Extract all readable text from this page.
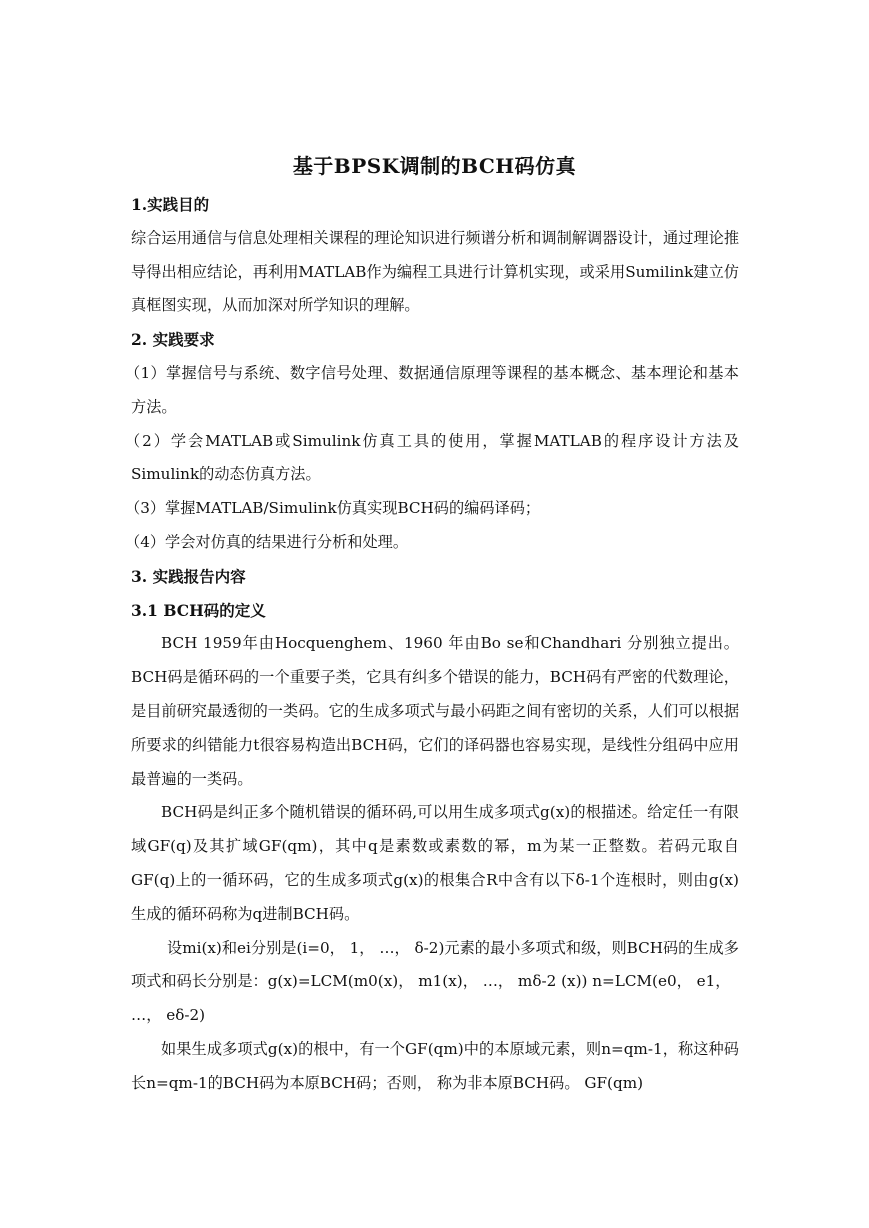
基于BPSK调制的BCH码仿真
1.实践目的

综合运用通信与信息处理相关课程的理论知识进行频谱分析和调制解调器设计，通过理论推导得出相应结论，再利用MATLAB作为编程工具进行计算机实现，或采用Sumilink建立仿真框图实现，从而加深对所学知识的理解。

2. 实践要求

（1）掌握信号与系统、数字信号处理、数据通信原理等课程的基本概念、基本理论和基本方法。

（2）学会MATLAB或Simulink仿真工具的使用，掌握MATLAB的程序设计方法及Simulink的动态仿真方法。

（3）掌握MATLAB/Simulink仿真实现BCH码的编码译码；

（4）学会对仿真的结果进行分析和处理。

3. 实践报告内容
3.1 BCH码的定义

BCH 1959年由Hocquenghem、1960 年由Bo se和Chandhari 分别独立提出。BCH码是循环码的一个重要子类，它具有纠多个错误的能力，BCH码有严密的代数理论，是目前研究最透彻的一类码。它的生成多项式与最小码距之间有密切的关系，人们可以根据所要求的纠错能力t很容易构造出BCH码，它们的译码器也容易实现，是线性分组码中应用最普遍的一类码。

BCH码是纠正多个随机错误的循环码,可以用生成多项式g(x)的根描述。给定任一有限域GF(q)及其扩域GF(qm)，其中q是素数或素数的幂，m为某一正整数。若码元取自GF(q)上的一循环码，它的生成多项式g(x)的根集合R中含有以下δ-1个连根时，则由g(x)生成的循环码称为q进制BCH码。

设mi(x)和ei分别是(i=0， 1， …， δ-2)元素的最小多项式和级，则BCH码的生成多项式和码长分别是：g(x)=LCM(m0(x)， m1(x)， …， mδ-2 (x)) n=LCM(e0， e1， …， eδ-2)

如果生成多项式g(x)的根中，有一个GF(qm)中的本原域元素，则n=qm-1，称这种码长n=qm-1的BCH码为本原BCH码；否则， 称为非本原BCH码。 GF(qm)
